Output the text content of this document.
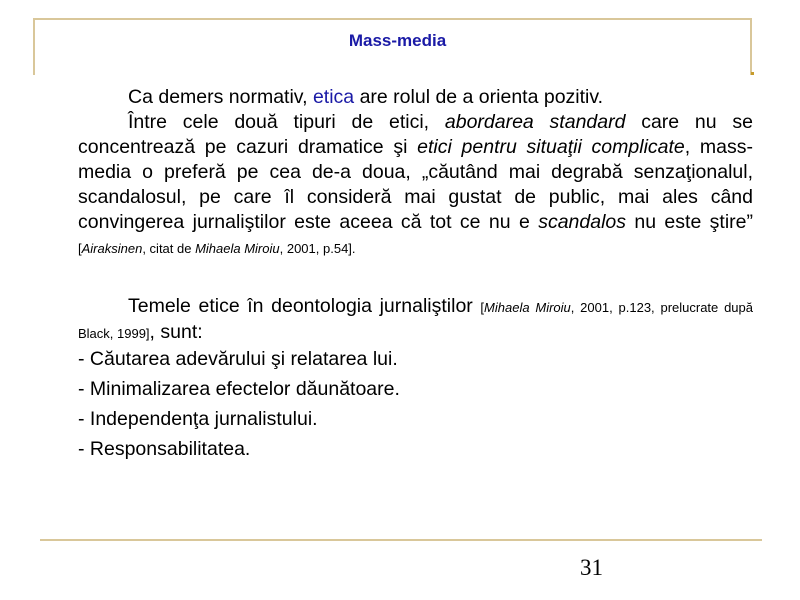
Mass-media

Ca demers normativ, etica are rolul de a orienta pozitiv.

Între cele două tipuri de etici, abordarea standard care nu se concentrează pe cazuri dramatice şi etici pentru situaţii complicate, mass-media o preferă pe cea de-a doua, „căutând mai degrabă senzaţionalul, scandalosul, pe care îl consideră mai gustat de public, mai ales când convingerea jurnaliştilor este aceea că tot ce nu e scandalos nu este ştire” [Airaksinen, citat de Mihaela Miroiu, 2001, p.54].

Temele etice în deontologia jurnaliştilor [Mihaela Miroiu, 2001, p.123, prelucrate după Black, 1999], sunt:

- Căutarea adevărului şi relatarea lui.

- Minimalizarea efectelor dăunătoare.

- Independenţa jurnalistului.

- Responsabilitatea.

31
